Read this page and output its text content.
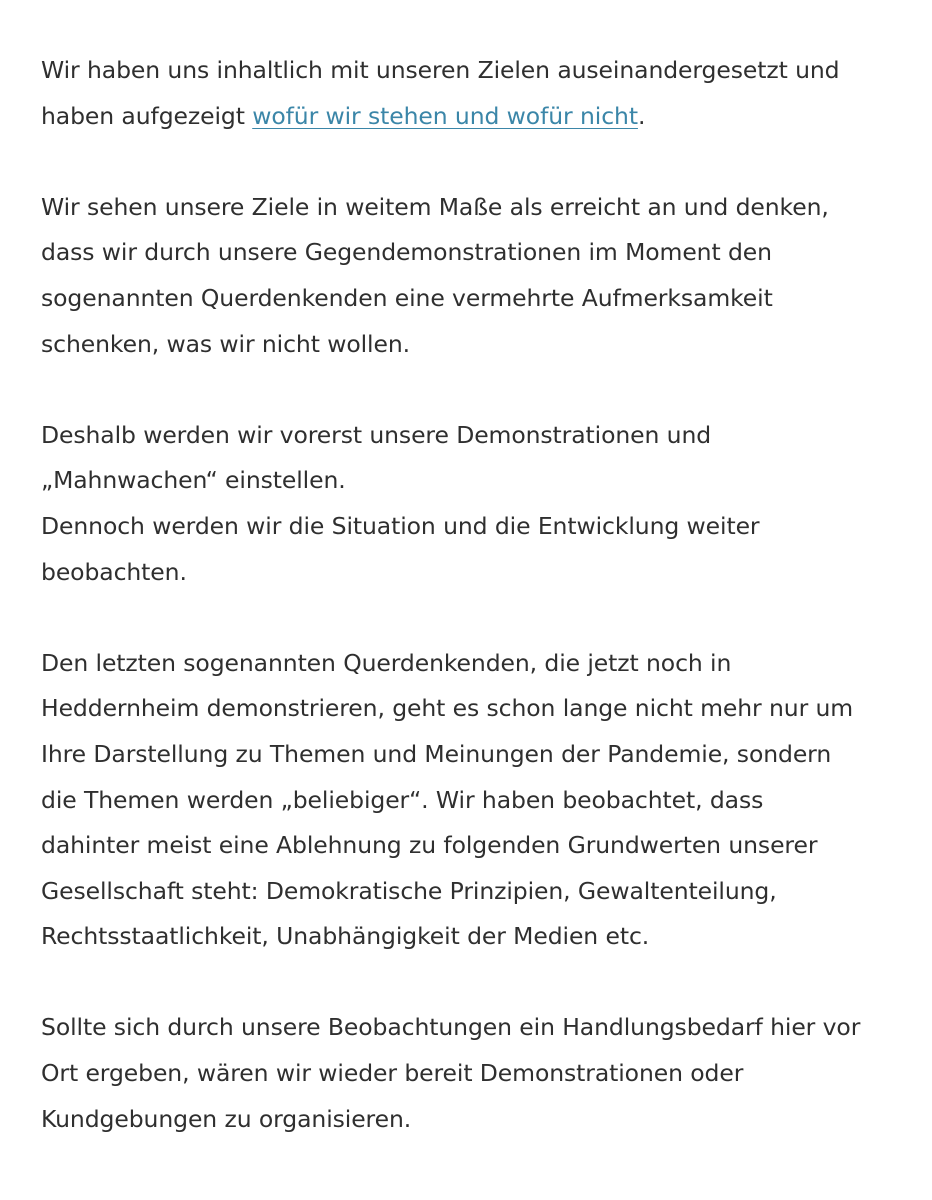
Wir haben uns inhaltlich mit unseren Zielen auseinandergesetzt und
haben aufgezeigt wofür wir stehen und wofür nicht.

Wir sehen unsere Ziele in weitem Maße als erreicht an und denken,
dass wir durch unsere Gegendemonstrationen im Moment den
sogenannten Querdenkenden eine vermehrte Aufmerksamkeit
schenken, was wir nicht wollen.

Deshalb werden wir vorerst unsere Demonstrationen und
„Mahnwachen“ einstellen.
Dennoch werden wir die Situation und die Entwicklung weiter
beobachten.

Den letzten sogenannten Querdenkenden, die jetzt noch in
Heddernheim demonstrieren, geht es schon lange nicht mehr nur um
Ihre Darstellung zu Themen und Meinungen der Pandemie, sondern
die Themen werden „beliebiger“. Wir haben beobachtet, dass
dahinter meist eine Ablehnung zu folgenden Grundwerten unserer
Gesellschaft steht: Demokratische Prinzipien, Gewaltenteilung,
Rechtsstaatlichkeit, Unabhängigkeit der Medien etc.

Sollte sich durch unsere Beobachtungen ein Handlungsbedarf hier vor
Ort ergeben, wären wir wieder bereit Demonstrationen oder
Kundgebungen zu organisieren.
